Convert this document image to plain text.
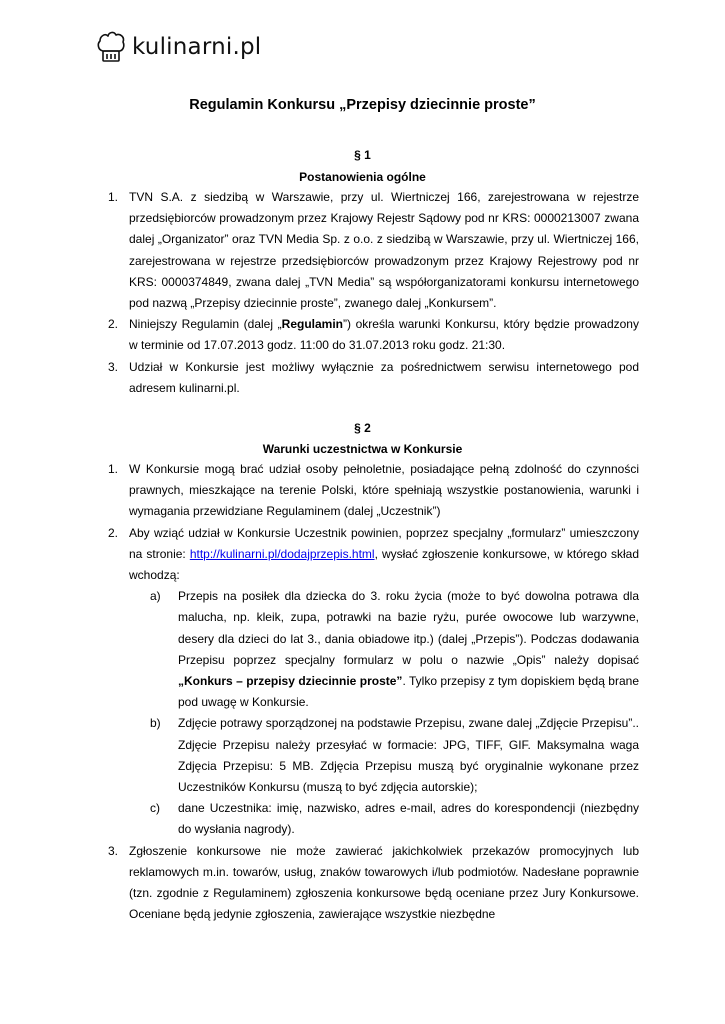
kulinarni.pl
Regulamin Konkursu „Przepisy dziecinnie proste”
§ 1
Postanowienia ogólne
1. TVN S.A. z siedzibą w Warszawie, przy ul. Wiertniczej 166, zarejestrowana w rejestrze przedsiębiorców prowadzonym przez Krajowy Rejestr Sądowy pod nr KRS: 0000213007 zwana dalej „Organizator” oraz TVN Media Sp. z o.o. z siedzibą w Warszawie, przy ul. Wiertniczej 166, zarejestrowana w rejestrze przedsiębiorców prowadzonym przez Krajowy Rejestrowy pod nr KRS: 0000374849, zwana dalej „TVN Media” są współorganizatorami konkursu internetowego pod nazwą „Przepisy dziecinnie proste”, zwanego dalej „Konkursem”.
2. Niniejszy Regulamin (dalej „Regulamin”) określa warunki Konkursu, który będzie prowadzony w terminie od 17.07.2013 godz. 11:00 do 31.07.2013 roku godz. 21:30.
3. Udział w Konkursie jest możliwy wyłącznie za pośrednictwem serwisu internetowego pod adresem kulinarni.pl.
§ 2
Warunki uczestnictwa w Konkursie
1. W Konkursie mogą brać udział osoby pełnoletnie, posiadające pełną zdolność do czynności prawnych, mieszkające na terenie Polski, które spełniają wszystkie postanowienia, warunki i wymagania przewidziane Regulaminem (dalej „Uczestnik”)
2. Aby wziąć udział w Konkursie Uczestnik powinien, poprzez specjalny „formularz” umieszczony na stronie: http://kulinarni.pl/dodajprzepis.html, wysłać zgłoszenie konkursowe, w którego skład wchodzą:
a) Przepis na posiłek dla dziecka do 3. roku życia (może to być dowolna potrawa dla malucha, np. kleik, zupa, potrawki na bazie ryżu, purée owocowe lub warzywne, desery dla dzieci do lat 3., dania obiadowe itp.) (dalej „Przepis”). Podczas dodawania Przepisu poprzez specjalny formularz w polu o nazwie „Opis” należy dopisać „Konkurs – przepisy dziecinnie proste”. Tylko przepisy z tym dopiskiem będą brane pod uwagę w Konkursie.
b) Zdjęcie potrawy sporządzonej na podstawie Przepisu, zwane dalej „Zdjęcie Przepisu”.. Zdjęcie Przepisu należy przesyłać w formacie: JPG, TIFF, GIF. Maksymalna waga Zdjęcia Przepisu: 5 MB. Zdjęcia Przepisu muszą być oryginalnie wykonane przez Uczestników Konkursu (muszą to być zdjęcia autorskie);
c) dane Uczestnika: imię, nazwisko, adres e-mail, adres do korespondencji (niezbędny do wysłania nagrody).
3. Zgłoszenie konkursowe nie może zawierać jakichkolwiek przekazów promocyjnych lub reklamowych m.in. towarów, usług, znaków towarowych i/lub podmiotów. Nadesłane poprawnie (tzn. zgodnie z Regulaminem) zgłoszenia konkursowe będą oceniane przez Jury Konkursowe. Oceniane będą jedynie zgłoszenia, zawierające wszystkie niezbędne
